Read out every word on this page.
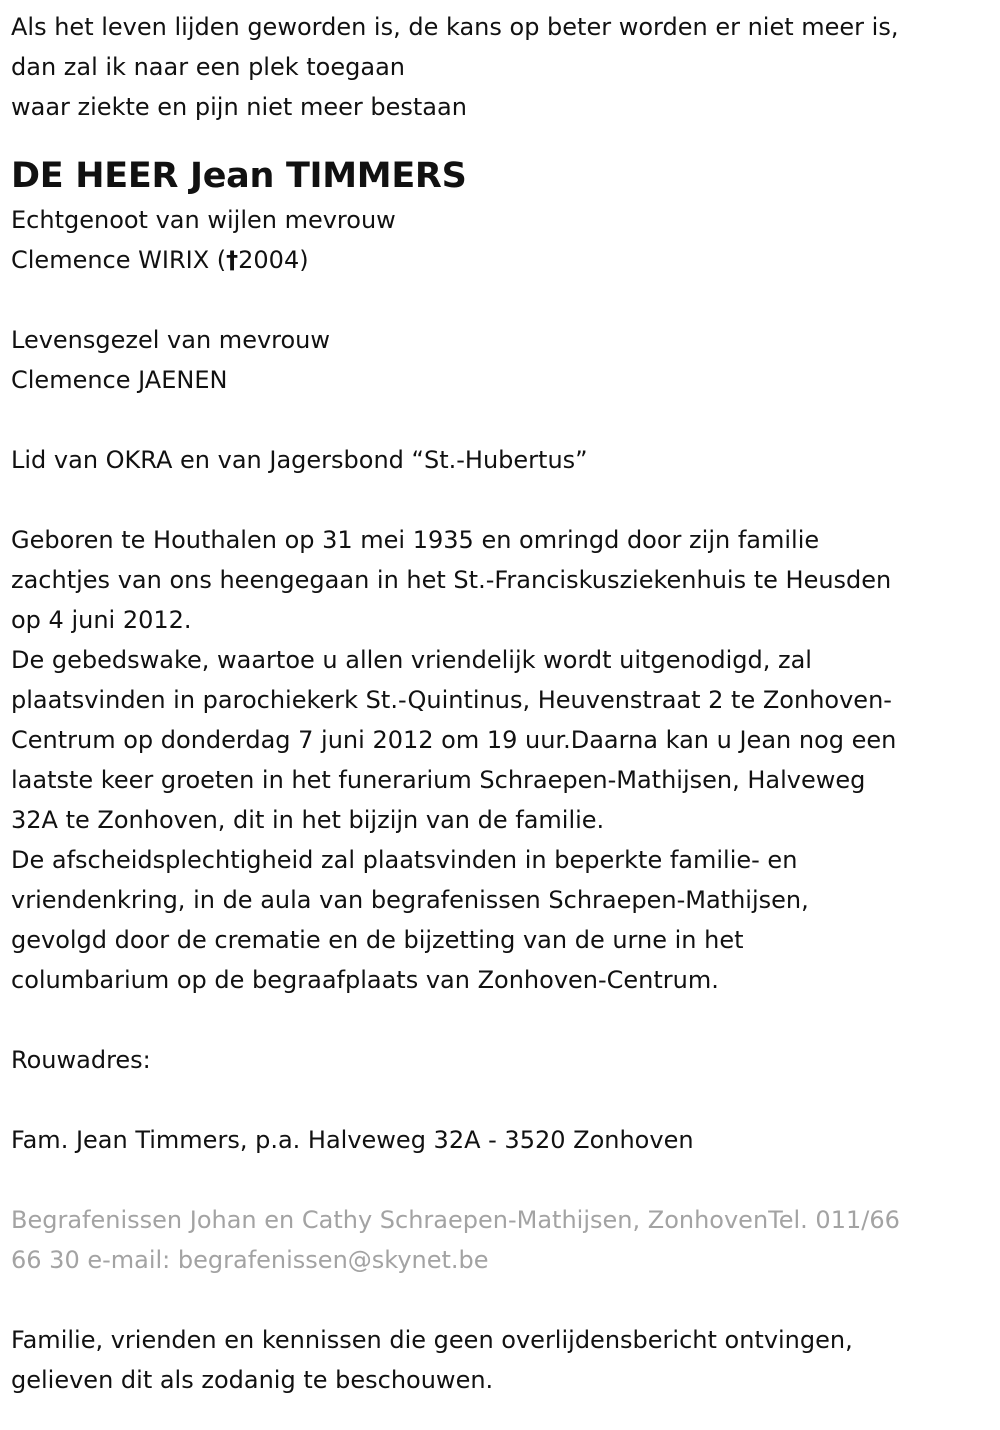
Als het leven lijden geworden is, de kans op beter worden er niet meer is,

dan zal ik naar een plek toegaan

waar ziekte en pijn niet meer bestaan

DE HEER Jean TIMMERS

Echtgenoot van wijlen mevrouw

Clemence WIRIX (†2004)

Levensgezel van mevrouw

Clemence JAENEN

Lid van OKRA en van Jagersbond “St.-Hubertus”

Geboren te Houthalen op 31 mei 1935 en omringd door zijn familie

zachtjes van ons heengegaan in het St.-Franciskusziekenhuis te Heusden

op 4 juni 2012.

De gebedswake, waartoe u allen vriendelijk wordt uitgenodigd, zal

plaatsvinden in parochiekerk St.-Quintinus, Heuvenstraat 2 te Zonhoven-

Centrum op donderdag 7 juni 2012 om 19 uur.Daarna kan u Jean nog een

laatste keer groeten in het funerarium Schraepen-Mathijsen, Halveweg

32A te Zonhoven, dit in het bijzijn van de familie.

De afscheidsplechtigheid zal plaatsvinden in beperkte familie- en

vriendenkring, in de aula van begrafenissen Schraepen-Mathijsen,

gevolgd door de crematie en de bijzetting van de urne in het

columbarium op de begraafplaats van Zonhoven-Centrum.

Rouwadres:

Fam. Jean Timmers, p.a. Halveweg 32A - 3520 Zonhoven

Begrafenissen Johan en Cathy Schraepen-Mathijsen, ZonhovenTel. 011/66

66 30 e-mail: begrafenissen@skynet.be

Familie, vrienden en kennissen die geen overlijdensbericht ontvingen,

gelieven dit als zodanig te beschouwen.
